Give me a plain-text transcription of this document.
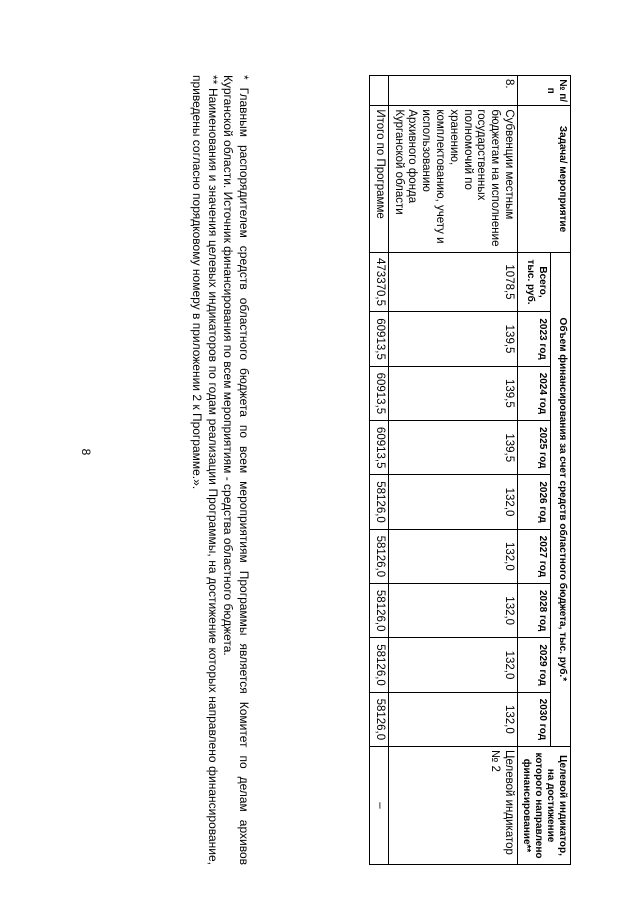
8
№ п/п	Задача/ мероприятие	Объем финансирования за счет средств областного бюджета, тыс. руб.*									Целевой индикатор, на достижение которого направлено финансирование**
		Всего, тыс. руб.	2023 год	2024 год	2025 год	2026 год	2027 год	2028 год	2029 год	2030 год	
8.	Субвенции местным бюджетам на исполнение государственных полномочий по хранению, комплектованию, учету и использованию Архивного фонда Курганской области	1078,5	139,5	139,5	139,5	132,0	132,0	132,0	132,0	132,0	Целевой индикатор № 2
	Итого по Программе	473370,5	60913,5	60913,5	60913,5	58126,0	58126,0	58126,0	58126,0	58126,0	–

* Главным распорядителем средств областного бюджета по всем мероприятиям Программы является Комитет по делам архивов Курганской области. Источник финансирования по всем мероприятиям - средства областного бюджета.

** Наименования и значения целевых индикаторов по годам реализации Программы, на достижение которых направлено финансирование, приведены согласно порядковому номеру в приложении 2 к Программе.».
